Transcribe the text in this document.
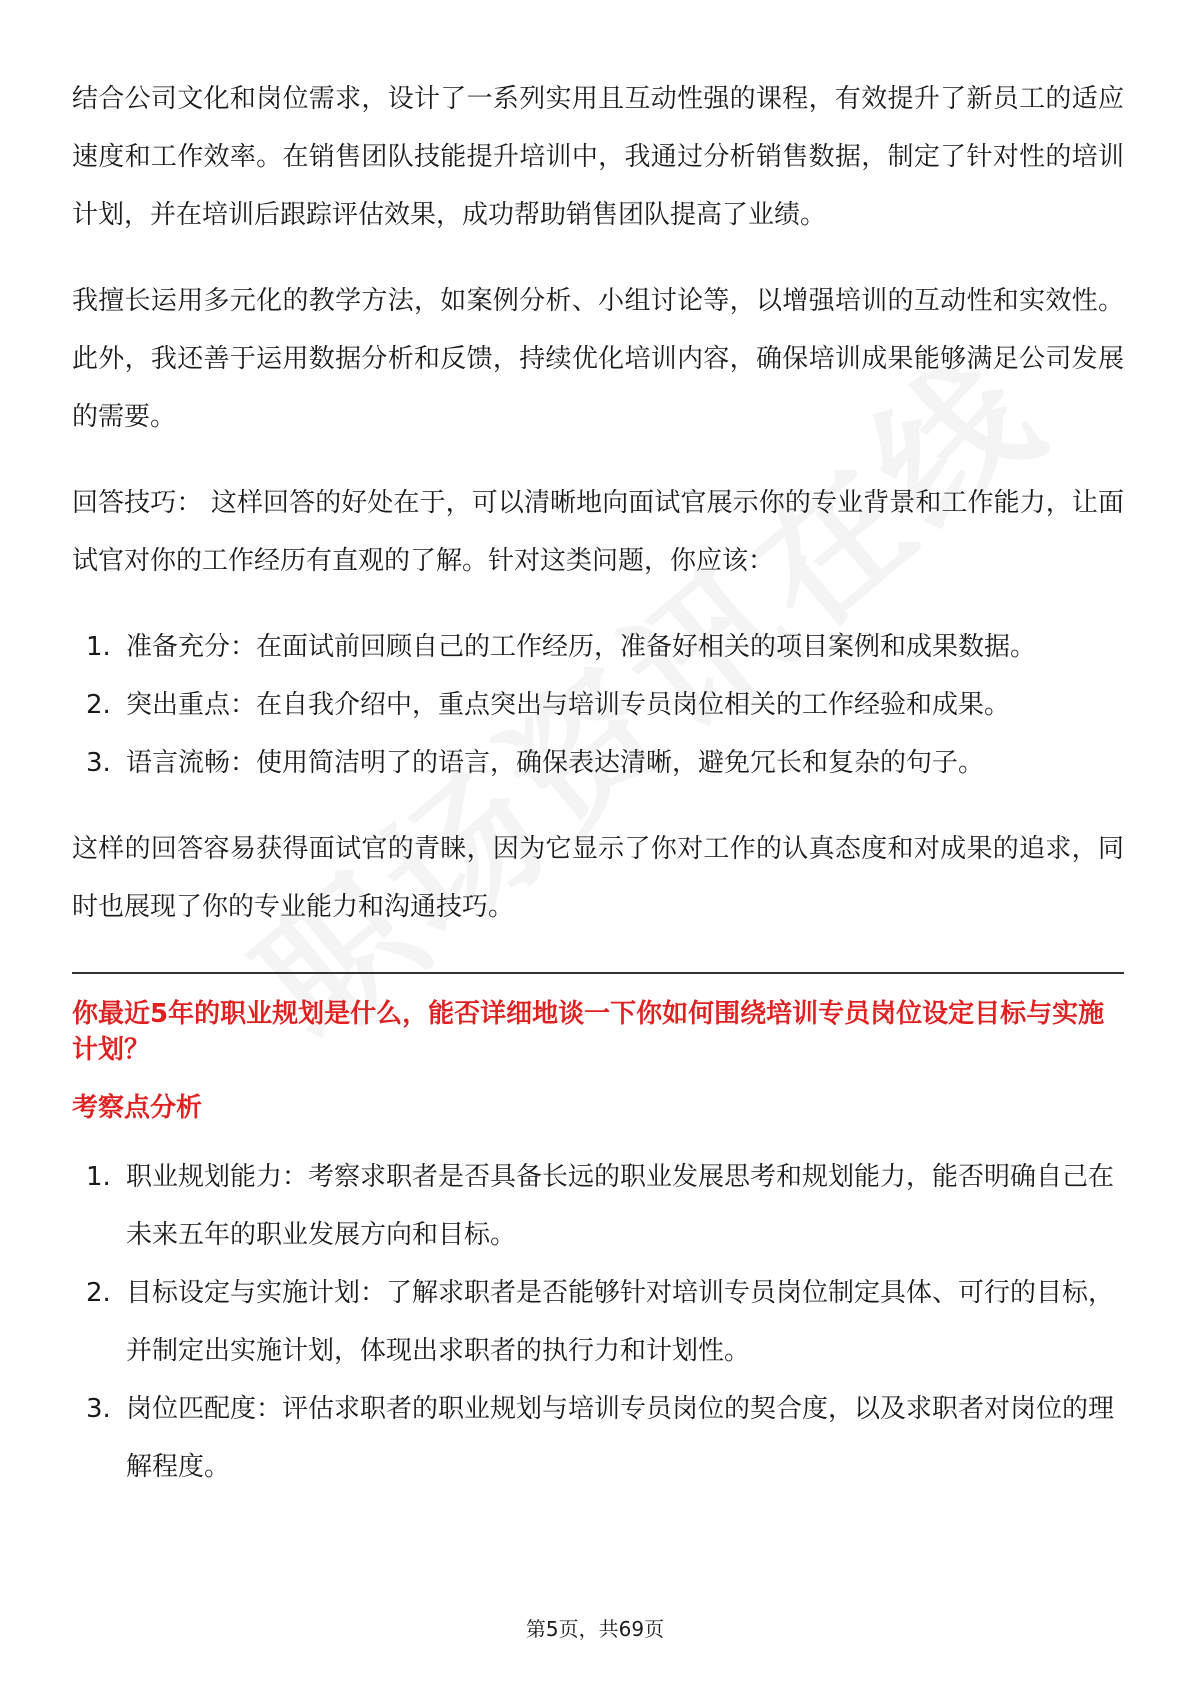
结合公司文化和岗位需求，设计了一系列实用且互动性强的课程，有效提升了新员工的适应速度和工作效率。在销售团队技能提升培训中，我通过分析销售数据，制定了针对性的培训计划，并在培训后跟踪评估效果，成功帮助销售团队提高了业绩。

我擅长运用多元化的教学方法，如案例分析、小组讨论等，以增强培训的互动性和实效性。此外，我还善于运用数据分析和反馈，持续优化培训内容，确保培训成果能够满足公司发展的需要。

回答技巧： 这样回答的好处在于，可以清晰地向面试官展示你的专业背景和工作能力，让面试官对你的工作经历有直观的了解。针对这类问题，你应该：

1. 准备充分：在面试前回顾自己的工作经历，准备好相关的项目案例和成果数据。
2. 突出重点：在自我介绍中，重点突出与培训专员岗位相关的工作经验和成果。
3. 语言流畅：使用简洁明了的语言，确保表达清晰，避免冗长和复杂的句子。

这样的回答容易获得面试官的青睐，因为它显示了你对工作的认真态度和对成果的追求，同时也展现了你的专业能力和沟通技巧。

你最近5年的职业规划是什么，能否详细地谈一下你如何围绕培训专员岗位设定目标与实施计划？
考察点分析
1. 职业规划能力：考察求职者是否具备长远的职业发展思考和规划能力，能否明确自己在未来五年的职业发展方向和目标。
2. 目标设定与实施计划：了解求职者是否能够针对培训专员岗位制定具体、可行的目标，并制定出实施计划，体现出求职者的执行力和计划性。
3. 岗位匹配度：评估求职者的职业规划与培训专员岗位的契合度，以及求职者对岗位的理解程度。
第5页，共69页
